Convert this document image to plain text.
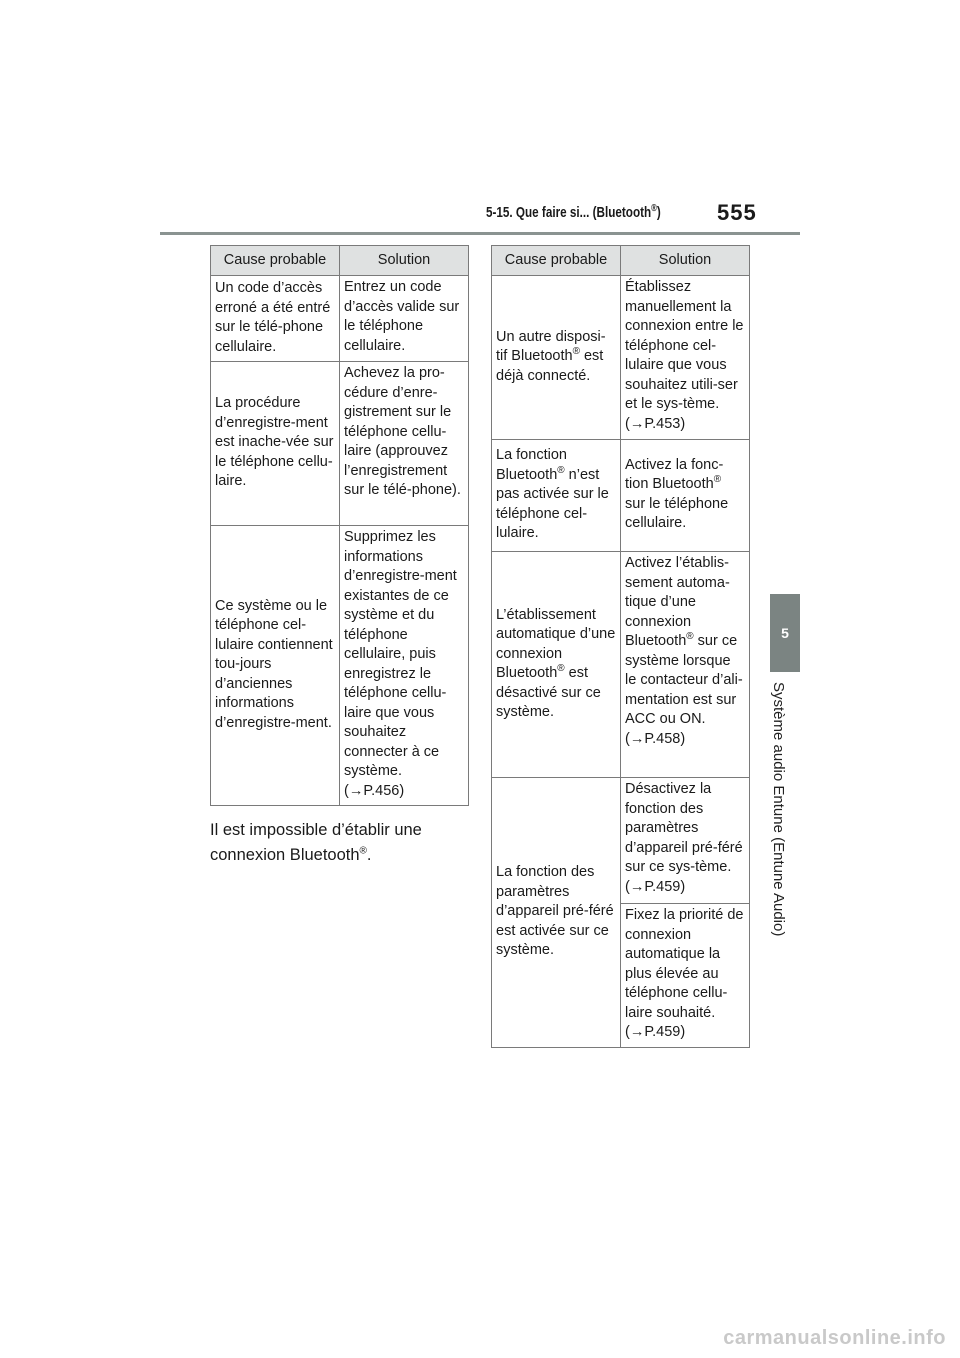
5-15. Que faire si... (Bluetooth®)	555
5
Système audio Entune (Entune Audio)
Cause probable	Solution
Un code d’accès erroné a été entré sur le télé-phone cellulaire.	Entrez un code d’accès valide sur le téléphone cellulaire.
La procédure d’enregistre-ment est inache-vée sur le téléphone cellu-laire.	Achevez la pro-cédure d’enre-gistrement sur le téléphone cellu-laire (approuvez l’enregistrement sur le télé-phone).
Ce système ou le téléphone cel-lulaire contiennent tou-jours d’anciennes informations d’enregistre-ment.	Supprimez les informations d’enregistre-ment existantes de ce système et du téléphone cellulaire, puis enregistrez le téléphone cellu-laire que vous souhaitez connecter à ce système.
(→P.456)
Il est impossible d’établir une connexion Bluetooth®.
Cause probable	Solution
Un autre disposi-tif Bluetooth® est déjà connecté.	Établissez manuellement la connexion entre le téléphone cel-lulaire que vous souhaitez utili-ser et le sys-tème. (→P.453)
La fonction Bluetooth® n’est pas activée sur le téléphone cel-lulaire.	Activez la fonc-tion Bluetooth® sur le téléphone cellulaire.
L’établissement automatique d’une connexion Bluetooth® est désactivé sur ce système.	Activez l’établis-sement automa-tique d’une connexion Bluetooth® sur ce système lorsque le contacteur d’ali-mentation est sur ACC ou ON.
(→P.458)
La fonction des paramètres d’appareil pré-féré est activée sur ce système.	Désactivez la fonction des paramètres d’appareil pré-féré sur ce sys-tème. (→P.459)
	Fixez la priorité de connexion automatique la plus élevée au téléphone cellu-laire souhaité.
(→P.459)
carmanualsonline.info
